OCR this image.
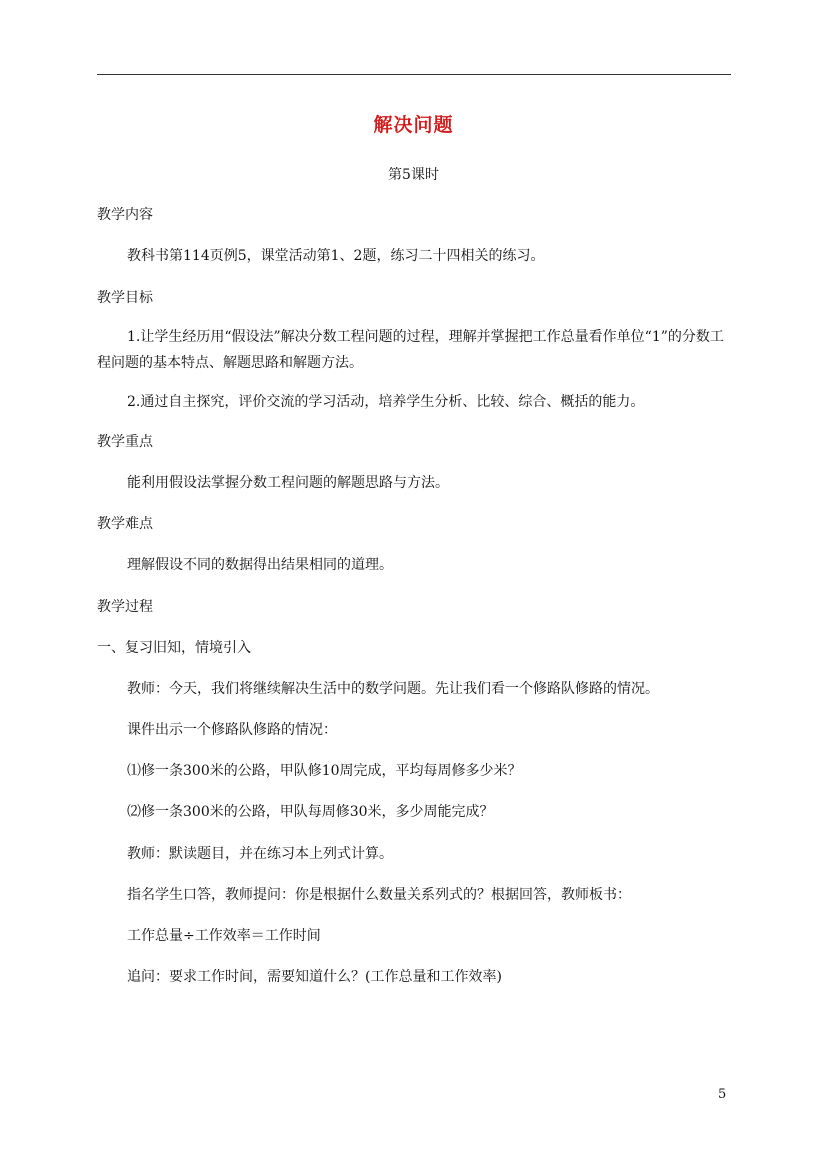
解决问题
第5课时
教学内容
教科书第114页例5，课堂活动第1、2题，练习二十四相关的练习。
教学目标
1.让学生经历用“假设法”解决分数工程问题的过程，理解并掌握把工作总量看作单位“1”的分数工程问题的基本特点、解题思路和解题方法。
2.通过自主探究，评价交流的学习活动，培养学生分析、比较、综合、概括的能力。
教学重点
能利用假设法掌握分数工程问题的解题思路与方法。
教学难点
理解假设不同的数据得出结果相同的道理。
教学过程
一、复习旧知，情境引入
教师：今天，我们将继续解决生活中的数学问题。先让我们看一个修路队修路的情况。
课件出示一个修路队修路的情况：
⑴修一条300米的公路，甲队修10周完成，平均每周修多少米？
⑵修一条300米的公路，甲队每周修30米，多少周能完成？
教师：默读题目，并在练习本上列式计算。
指名学生口答，教师提问：你是根据什么数量关系列式的？根据回答，教师板书：
工作总量÷工作效率＝工作时间
追问：要求工作时间，需要知道什么？(工作总量和工作效率)
5
